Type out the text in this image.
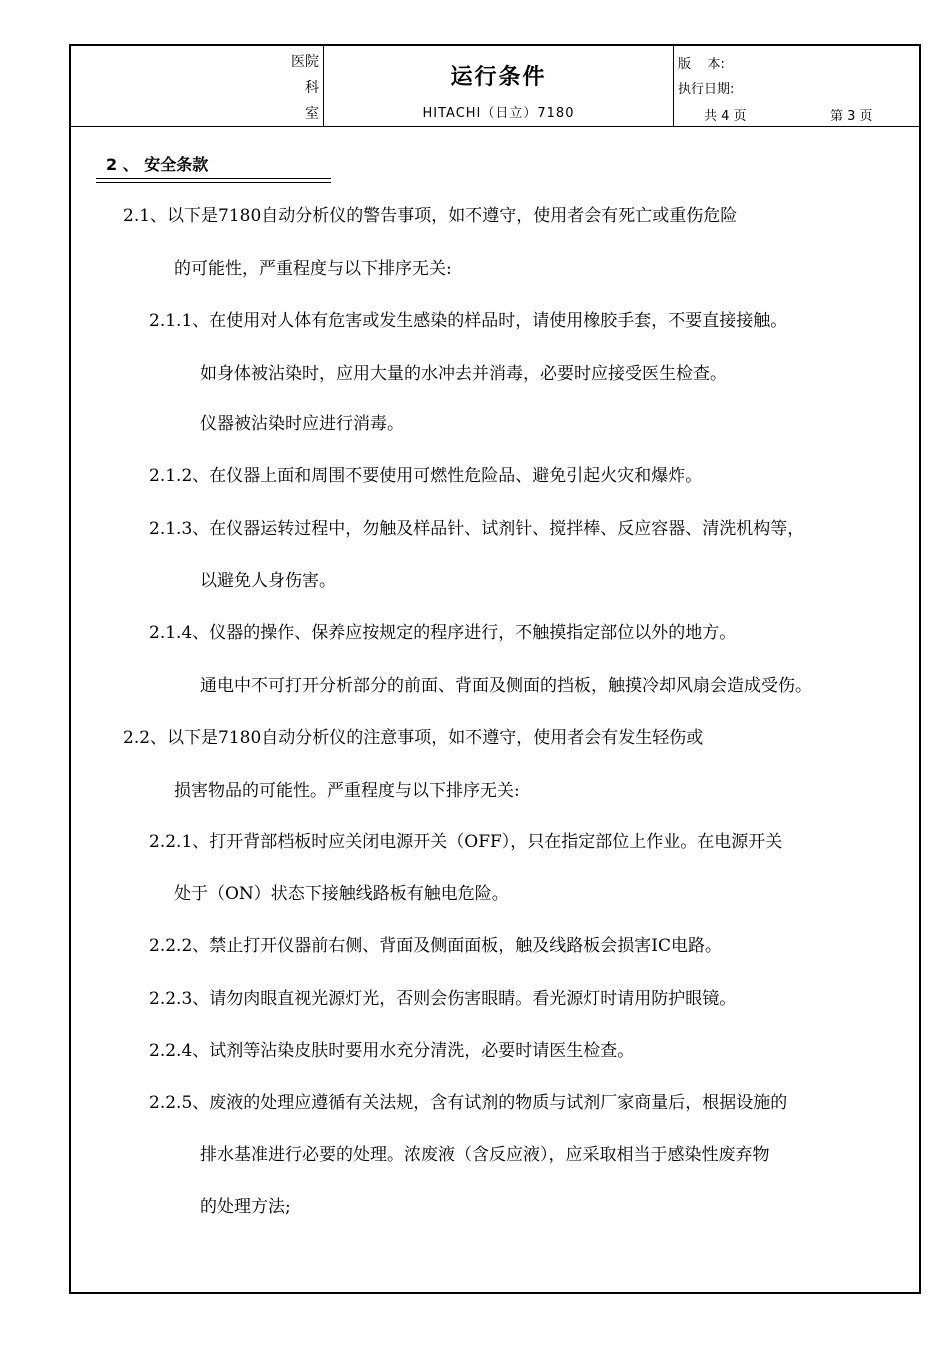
医院
科
室
运行条件
HITACHI（日立）7180
版    本:
执行日期:
共 4 页	第 3 页
2 、 安全条款
2.1、以下是7180自动分析仪的警告事项，如不遵守，使用者会有死亡或重伤危险
的可能性，严重程度与以下排序无关:
2.1.1、在使用对人体有危害或发生感染的样品时，请使用橡胶手套，不要直接接触。
如身体被沾染时，应用大量的水冲去并消毒，必要时应接受医生检查。
仪器被沾染时应进行消毒。
2.1.2、在仪器上面和周围不要使用可燃性危险品、避免引起火灾和爆炸。
2.1.3、在仪器运转过程中，勿触及样品针、试剂针、搅拌棒、反应容器、清洗机构等，
以避免人身伤害。
2.1.4、仪器的操作、保养应按规定的程序进行，不触摸指定部位以外的地方。
通电中不可打开分析部分的前面、背面及侧面的挡板，触摸冷却风扇会造成受伤。
2.2、以下是7180自动分析仪的注意事项，如不遵守，使用者会有发生轻伤或
损害物品的可能性。严重程度与以下排序无关:
2.2.1、打开背部档板时应关闭电源开关（OFF），只在指定部位上作业。在电源开关
处于（ON）状态下接触线路板有触电危险。
2.2.2、禁止打开仪器前右侧、背面及侧面面板，触及线路板会损害IC电路。
2.2.3、请勿肉眼直视光源灯光，否则会伤害眼睛。看光源灯时请用防护眼镜。
2.2.4、试剂等沾染皮肤时要用水充分清洗，必要时请医生检查。
2.2.5、废液的处理应遵循有关法规，含有试剂的物质与试剂厂家商量后，根据设施的
排水基准进行必要的处理。浓废液（含反应液），应采取相当于感染性废弃物
的处理方法;
